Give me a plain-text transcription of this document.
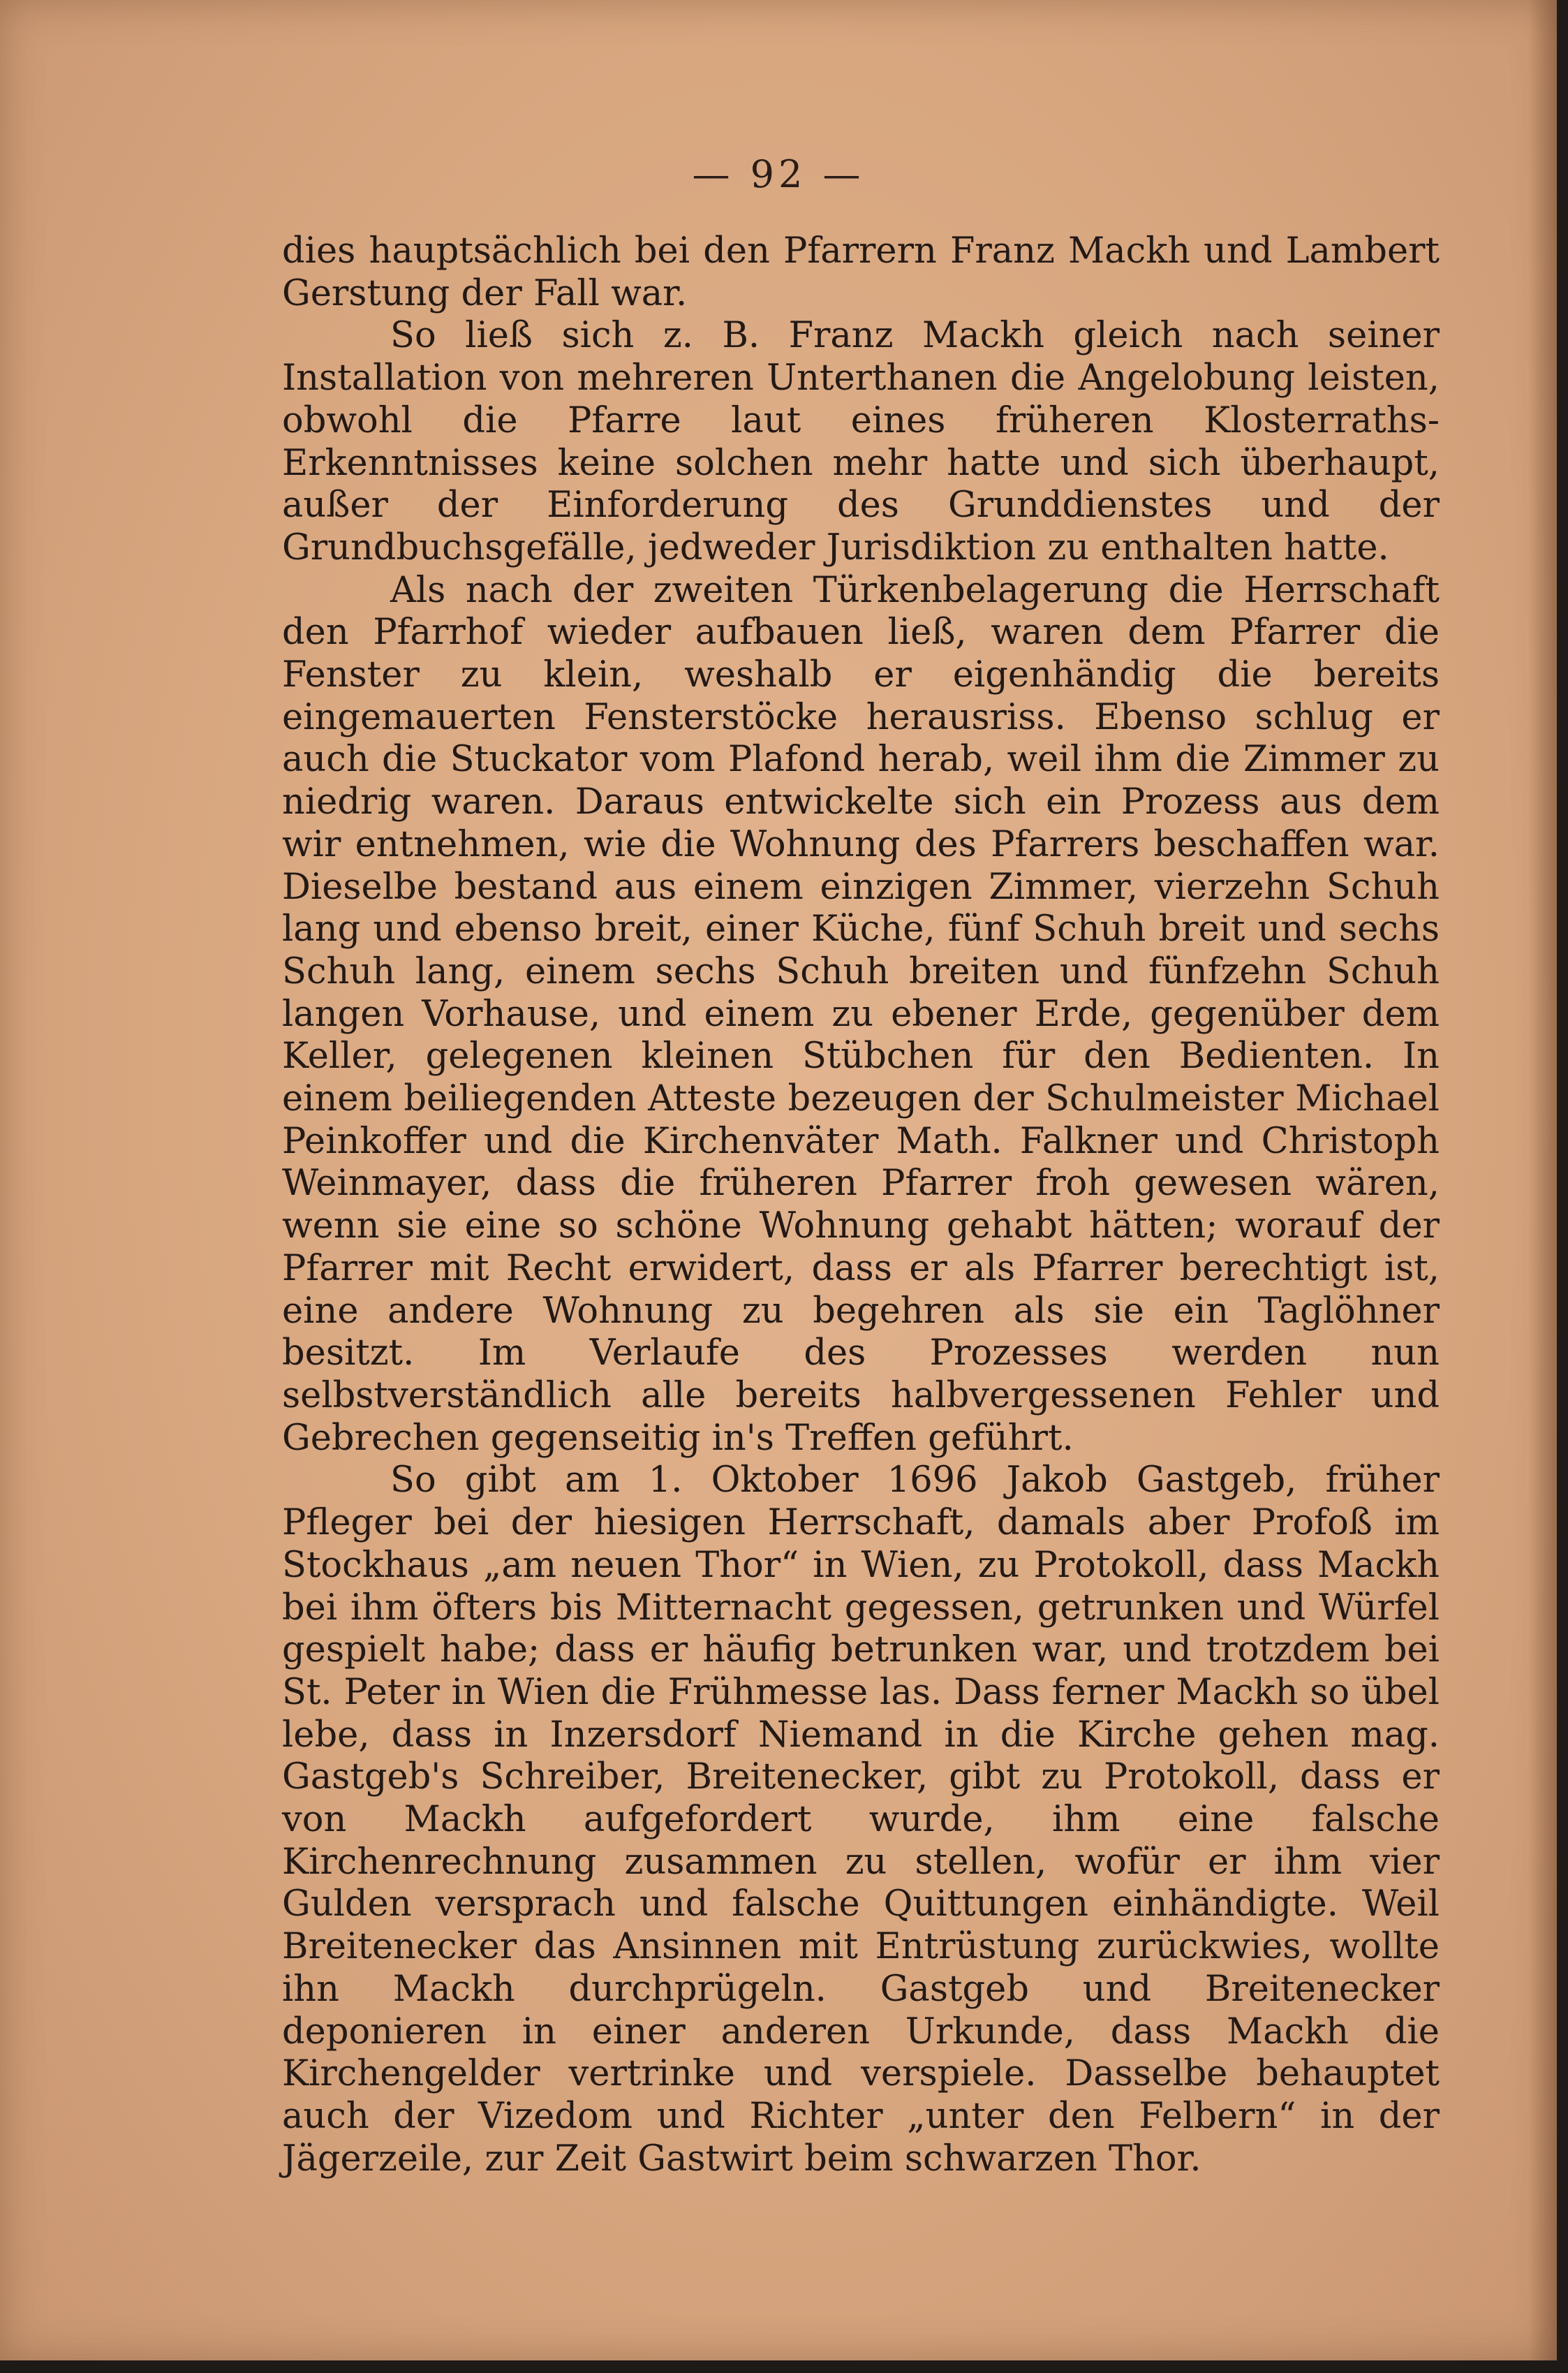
— 92 —

dies hauptsächlich bei den Pfarrern Franz Mackh und Lambert Gerstung der Fall war.

So ließ sich z. B. Franz Mackh gleich nach seiner Installation von mehreren Unterthanen die Angelobung leisten, obwohl die Pfarre laut eines früheren Klosterraths-Erkenntnisses keine solchen mehr hatte und sich überhaupt, außer der Einforderung des Grunddienstes und der Grundbuchsgefälle, jedweder Jurisdiktion zu enthalten hatte.

Als nach der zweiten Türkenbelagerung die Herrschaft den Pfarrhof wieder aufbauen ließ, waren dem Pfarrer die Fenster zu klein, weshalb er eigenhändig die bereits eingemauerten Fensterstöcke herausriss. Ebenso schlug er auch die Stuckator vom Plafond herab, weil ihm die Zimmer zu niedrig waren. Daraus entwickelte sich ein Prozess aus dem wir entnehmen, wie die Wohnung des Pfarrers beschaffen war. Dieselbe bestand aus einem einzigen Zimmer, vierzehn Schuh lang und ebenso breit, einer Küche, fünf Schuh breit und sechs Schuh lang, einem sechs Schuh breiten und fünfzehn Schuh langen Vorhause, und einem zu ebener Erde, gegenüber dem Keller, gelegenen kleinen Stübchen für den Bedienten. In einem beiliegenden Atteste bezeugen der Schulmeister Michael Peinkoffer und die Kirchenväter Math. Falkner und Christoph Weinmayer, dass die früheren Pfarrer froh gewesen wären, wenn sie eine so schöne Wohnung gehabt hätten; worauf der Pfarrer mit Recht erwidert, dass er als Pfarrer berechtigt ist, eine andere Wohnung zu begehren als sie ein Taglöhner besitzt. Im Verlaufe des Prozesses werden nun selbstverständlich alle bereits halbvergessenen Fehler und Gebrechen gegenseitig in's Treffen geführt.

So gibt am 1. Oktober 1696 Jakob Gastgeb, früher Pfleger bei der hiesigen Herrschaft, damals aber Profoß im Stockhaus „am neuen Thor“ in Wien, zu Protokoll, dass Mackh bei ihm öfters bis Mitternacht gegessen, getrunken und Würfel gespielt habe; dass er häufig betrunken war, und trotzdem bei St. Peter in Wien die Frühmesse las. Dass ferner Mackh so übel lebe, dass in Inzersdorf Niemand in die Kirche gehen mag. Gastgeb's Schreiber, Breitenecker, gibt zu Protokoll, dass er von Mackh aufgefordert wurde, ihm eine falsche Kirchenrechnung zusammen zu stellen, wofür er ihm vier Gulden versprach und falsche Quittungen einhändigte. Weil Breitenecker das Ansinnen mit Entrüstung zurückwies, wollte ihn Mackh durchprügeln. Gastgeb und Breitenecker deponieren in einer anderen Urkunde, dass Mackh die Kirchengelder vertrinke und verspiele. Dasselbe behauptet auch der Vizedom und Richter „unter den Felbern“ in der Jägerzeile, zur Zeit Gastwirt beim schwarzen Thor.
